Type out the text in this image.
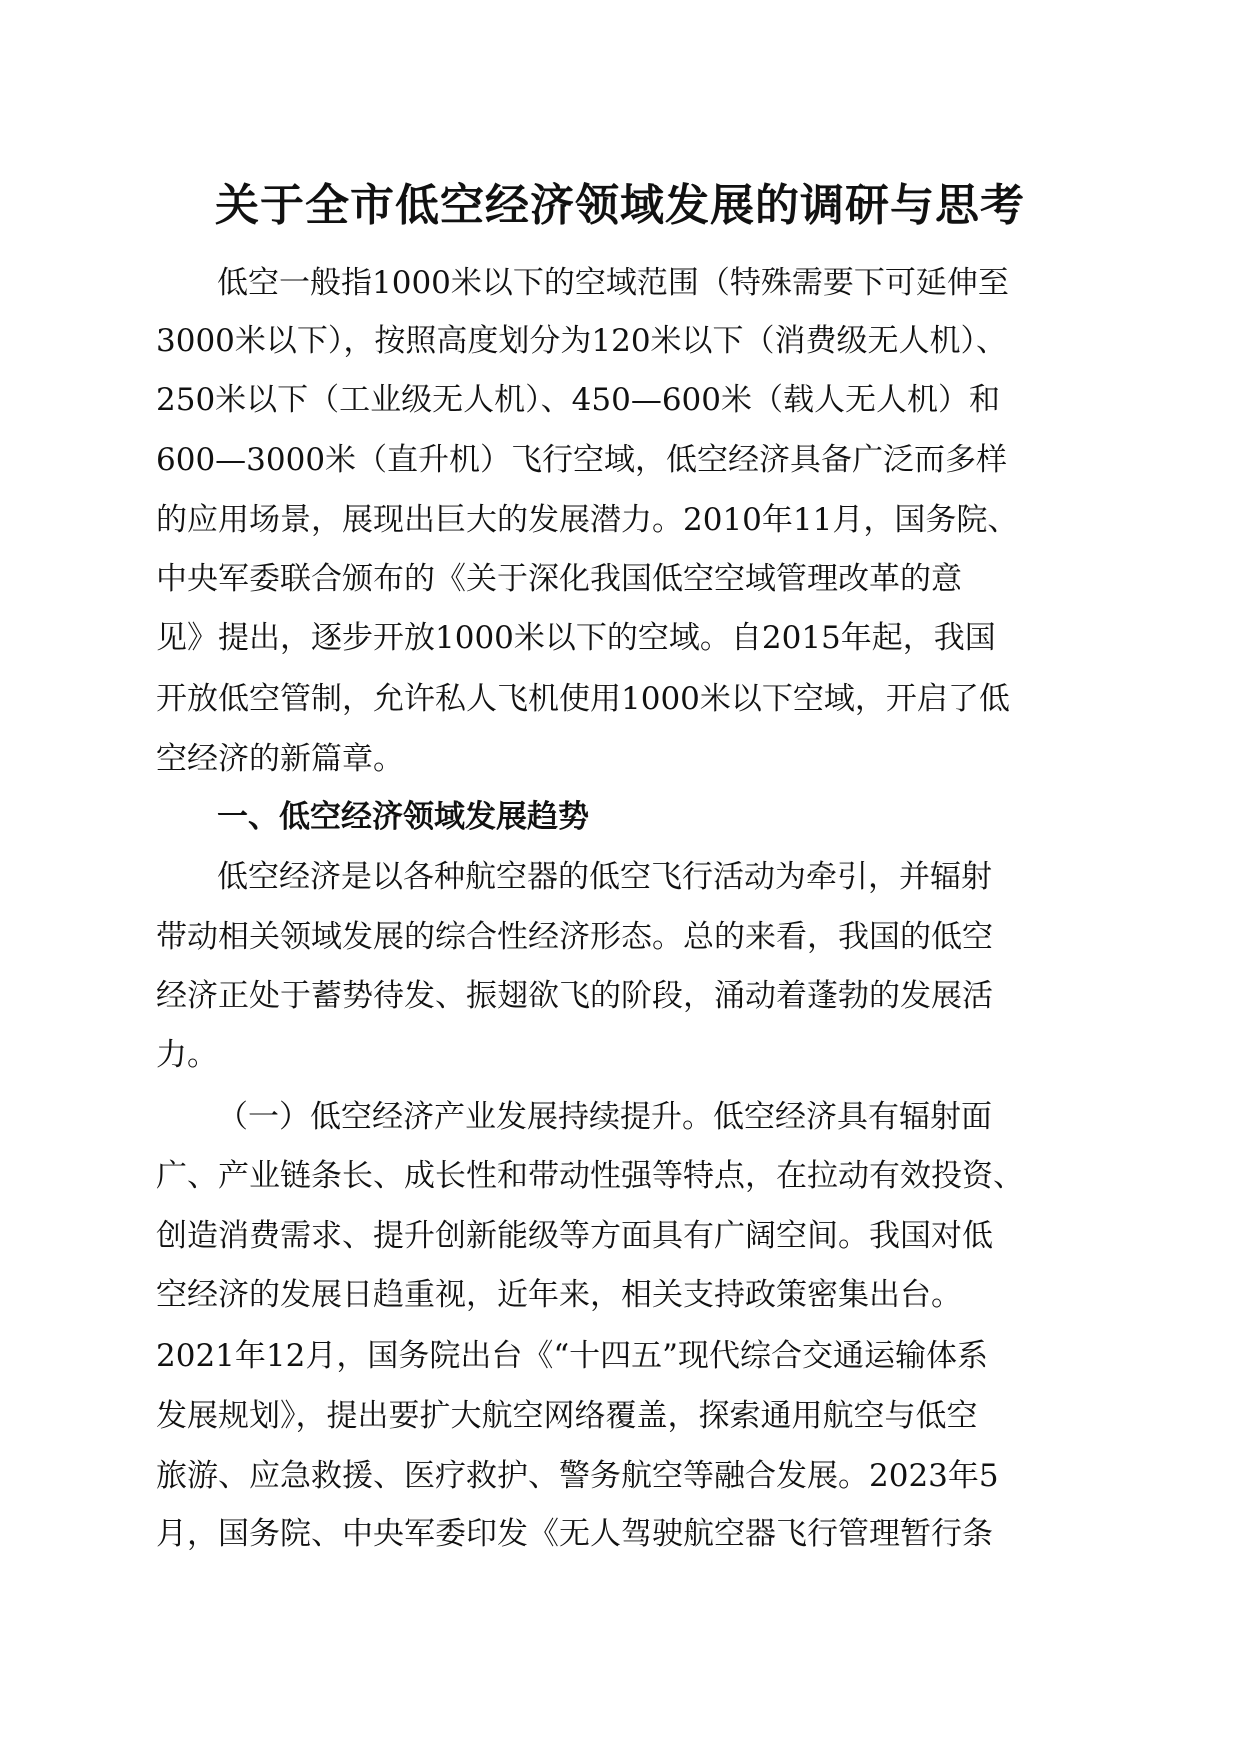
关于全市低空经济领域发展的调研与思考
低空一般指1000米以下的空域范围（特殊需要下可延伸至
3000米以下），按照高度划分为120米以下（消费级无人机）、
250米以下（工业级无人机）、450—600米（载人无人机）和
600—3000米（直升机）飞行空域，低空经济具备广泛而多样
的应用场景，展现出巨大的发展潜力。2010年11月，国务院、
中央军委联合颁布的《关于深化我国低空空域管理改革的意
见》提出，逐步开放1000米以下的空域。自2015年起，我国
开放低空管制，允许私人飞机使用1000米以下空域，开启了低
空经济的新篇章。
一、低空经济领域发展趋势
低空经济是以各种航空器的低空飞行活动为牵引，并辐射
带动相关领域发展的综合性经济形态。总的来看，我国的低空
经济正处于蓄势待发、振翅欲飞的阶段，涌动着蓬勃的发展活
力。
（一）低空经济产业发展持续提升。低空经济具有辐射面
广、产业链条长、成长性和带动性强等特点，在拉动有效投资、
创造消费需求、提升创新能级等方面具有广阔空间。我国对低
空经济的发展日趋重视，近年来，相关支持政策密集出台。
2021年12月，国务院出台《“十四五”现代综合交通运输体系
发展规划》，提出要扩大航空网络覆盖，探索通用航空与低空
旅游、应急救援、医疗救护、警务航空等融合发展。2023年5
月，国务院、中央军委印发《无人驾驶航空器飞行管理暂行条
